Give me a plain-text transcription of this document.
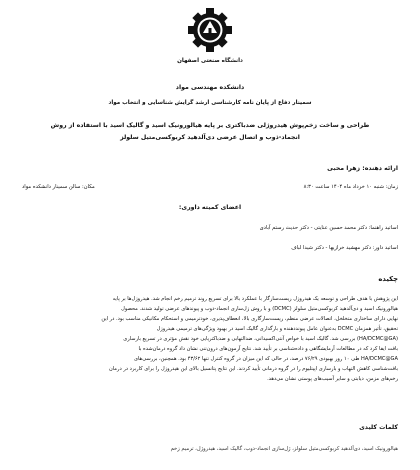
دانشگاه صنعتی اصفهان
دانشکده مهندسی مواد
سمینار دفاع از پایان نامه کارشناسی ارشد گرایش شناسایی و انتخاب مواد
طراحی و ساخت زخم‌پوش هیدروژلی ضدباکتری بر پایه هیالورونیک اسید و گالیک اسید با استفاده از روش
انجماد-ذوب و اتصال عرضی دی‌آلدهید کربوکسی‌متیل سلولز
ارائه دهنده: زهرا محبی
زمان: شنبه ۱۰ خرداد ماه ۱۴۰۴ ساعت ۸:۳۰
مکان: سالن سمینار دانشکده مواد
اعضای کمیته داوری:
اساتید راهنما: دکتر محمد حسین عنایتی - دکتر حدیث رستم آبادی
اساتید داور: دکتر مهشید خرازیها - دکتر شیدا لباف
چکیده
این پژوهش با هدف طراحی و توسعه یک هیدروژل زیست‌سازگار با عملکرد بالا برای تسریع روند ترمیم زخم انجام شد. هیدروژل‌ها بر پایه
هیالورونیک اسید و دی‌آلدهید کربوکسی‌متیل سلولز (DCMC) و با روش ژل‌سازی انجماد-ذوب و پیوندهای عرضی تولید شدند. محصول
نهایی دارای ساختاری متخلخل، اتصالات عرضی منظم، زیست‌سازگاری بالا، انعطاف‌پذیری، خودترمیمی و استحکام مکانیکی مناسب بود. در این
تحقیق، تأثیر همزمان DCMC به‌عنوان عامل پیونددهنده و بارگذاری گالیک اسید در بهبود ویژگی‌های ترمیمی هیدروژل
(HA/DCMC@GA) بررسی شد. گالیک اسید با خواص آنتی‌اکسیدانی، ضدالتهابی و ضدباکتریایی خود نقش مؤثری در تسریع بازسازی
بافت ایفا کرد که در مطالعات آزمایشگاهی و داده‌شناسی بر تأیید شد. نتایج آزمون‌های درون‌تنی نشان داد گروه درمان‌شده با
HA/DCMC@GA طی ۱۰ روز بهبودی ۷۶/۲۹ درصد، در حالی که این میزان در گروه کنترل تنها ۴۳/۶۲ بود. همچنین، بررسی‌های
بافت‌شناسی کاهش التهاب و بازسازی اپیتلیوم را در گروه درمانی تأیید کردند. این نتایج پتانسیل بالای این هیدروژل را برای کاربرد در درمان
زخم‌های مزمن، دیابتی و سایر آسیب‌های پوستی نشان می‌دهد.
کلمات کلیدی
هیالورونیک اسید، دی‌آلدهید کربوکسی‌متیل سلولز، ژل‌سازی انجماد-ذوب، گالیک اسید، هیدروژل، ترمیم زخم
